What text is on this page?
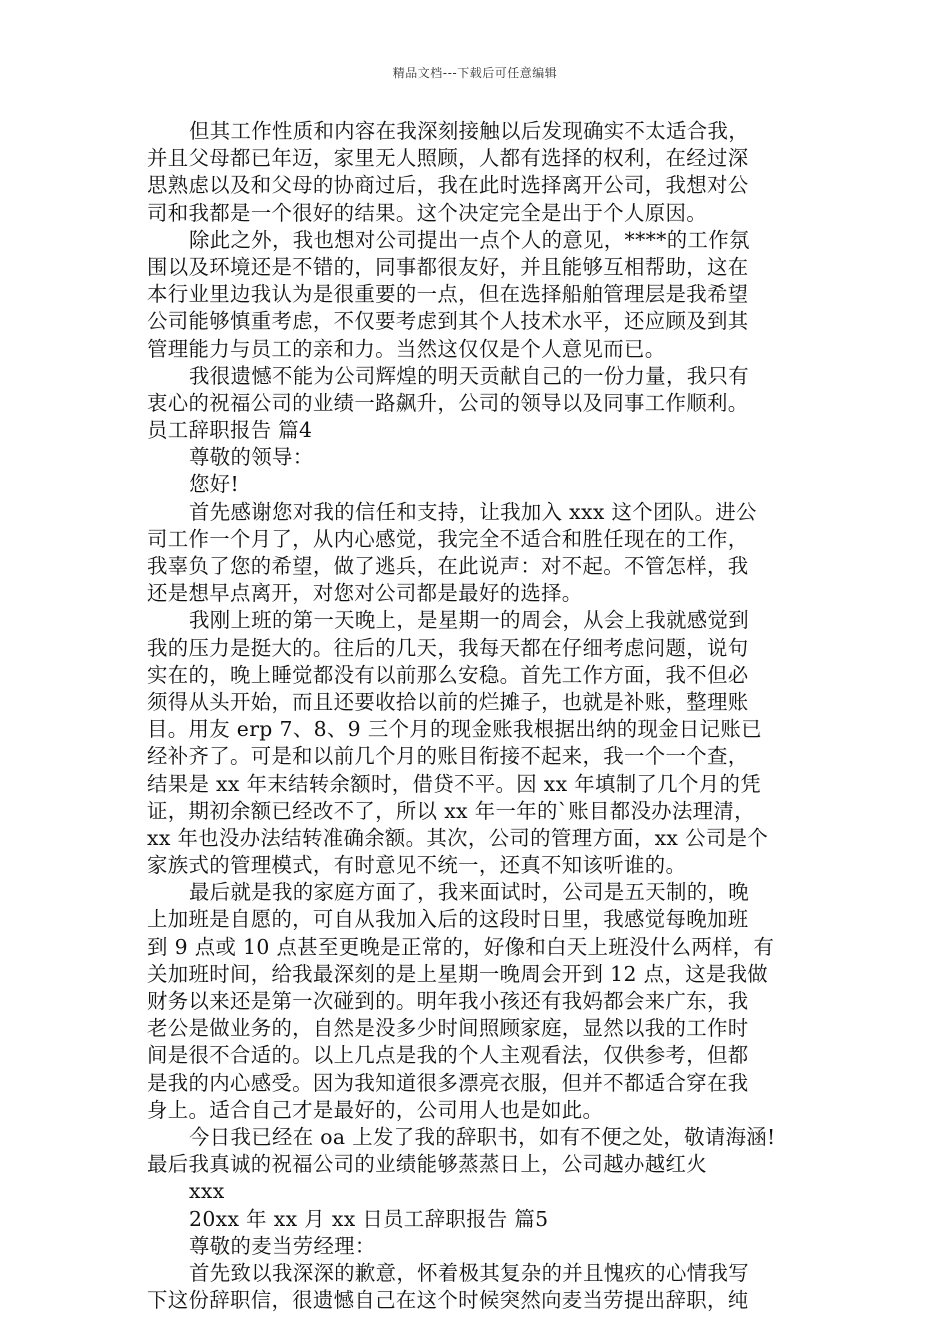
精品文档---下载后可任意编辑
但其工作性质和内容在我深刻接触以后发现确实不太适合我，
并且父母都已年迈，家里无人照顾，人都有选择的权利，在经过深
思熟虑以及和父母的协商过后，我在此时选择离开公司，我想对公
司和我都是一个很好的结果。这个决定完全是出于个人原因。
除此之外，我也想对公司提出一点个人的意见，****的工作氛
围以及环境还是不错的，同事都很友好，并且能够互相帮助，这在
本行业里边我认为是很重要的一点，但在选择船舶管理层是我希望
公司能够慎重考虑，不仅要考虑到其个人技术水平，还应顾及到其
管理能力与员工的亲和力。当然这仅仅是个人意见而已。
我很遗憾不能为公司辉煌的明天贡献自己的一份力量，我只有
衷心的祝福公司的业绩一路飙升，公司的领导以及同事工作顺利。
员工辞职报告 篇4
尊敬的领导：
您好!
首先感谢您对我的信任和支持，让我加入 xxx 这个团队。进公
司工作一个月了，从内心感觉，我完全不适合和胜任现在的工作，
我辜负了您的希望，做了逃兵，在此说声：对不起。不管怎样，我
还是想早点离开，对您对公司都是最好的选择。
我刚上班的第一天晚上，是星期一的周会，从会上我就感觉到
我的压力是挺大的。往后的几天，我每天都在仔细考虑问题，说句
实在的，晚上睡觉都没有以前那么安稳。首先工作方面，我不但必
须得从头开始，而且还要收拾以前的烂摊子，也就是补账，整理账
目。用友 erp 7、8、9 三个月的现金账我根据出纳的现金日记账已
经补齐了。可是和以前几个月的账目衔接不起来，我一个一个查，
结果是 xx 年末结转余额时，借贷不平。因 xx 年填制了几个月的凭
证，期初余额已经改不了，所以 xx 年一年的`账目都没办法理清，
xx 年也没办法结转准确余额。其次，公司的管理方面，xx 公司是个
家族式的管理模式，有时意见不统一，还真不知该听谁的。
最后就是我的家庭方面了，我来面试时，公司是五天制的，晚
上加班是自愿的，可自从我加入后的这段时日里，我感觉每晚加班
到 9 点或 10 点甚至更晚是正常的，好像和白天上班没什么两样，有
关加班时间，给我最深刻的是上星期一晚周会开到 12 点，这是我做
财务以来还是第一次碰到的。明年我小孩还有我妈都会来广东，我
老公是做业务的，自然是没多少时间照顾家庭，显然以我的工作时
间是很不合适的。以上几点是我的个人主观看法，仅供参考，但都
是我的内心感受。因为我知道很多漂亮衣服，但并不都适合穿在我
身上。适合自己才是最好的，公司用人也是如此。
今日我已经在 oa 上发了我的辞职书，如有不便之处，敬请海涵!
最后我真诚的祝福公司的业绩能够蒸蒸日上，公司越办越红火
xxx
20xx 年 xx 月 xx 日员工辞职报告 篇5
尊敬的麦当劳经理：
首先致以我深深的歉意，怀着极其复杂的并且愧疚的心情我写
下这份辞职信，很遗憾自己在这个时候突然向麦当劳提出辞职，纯
